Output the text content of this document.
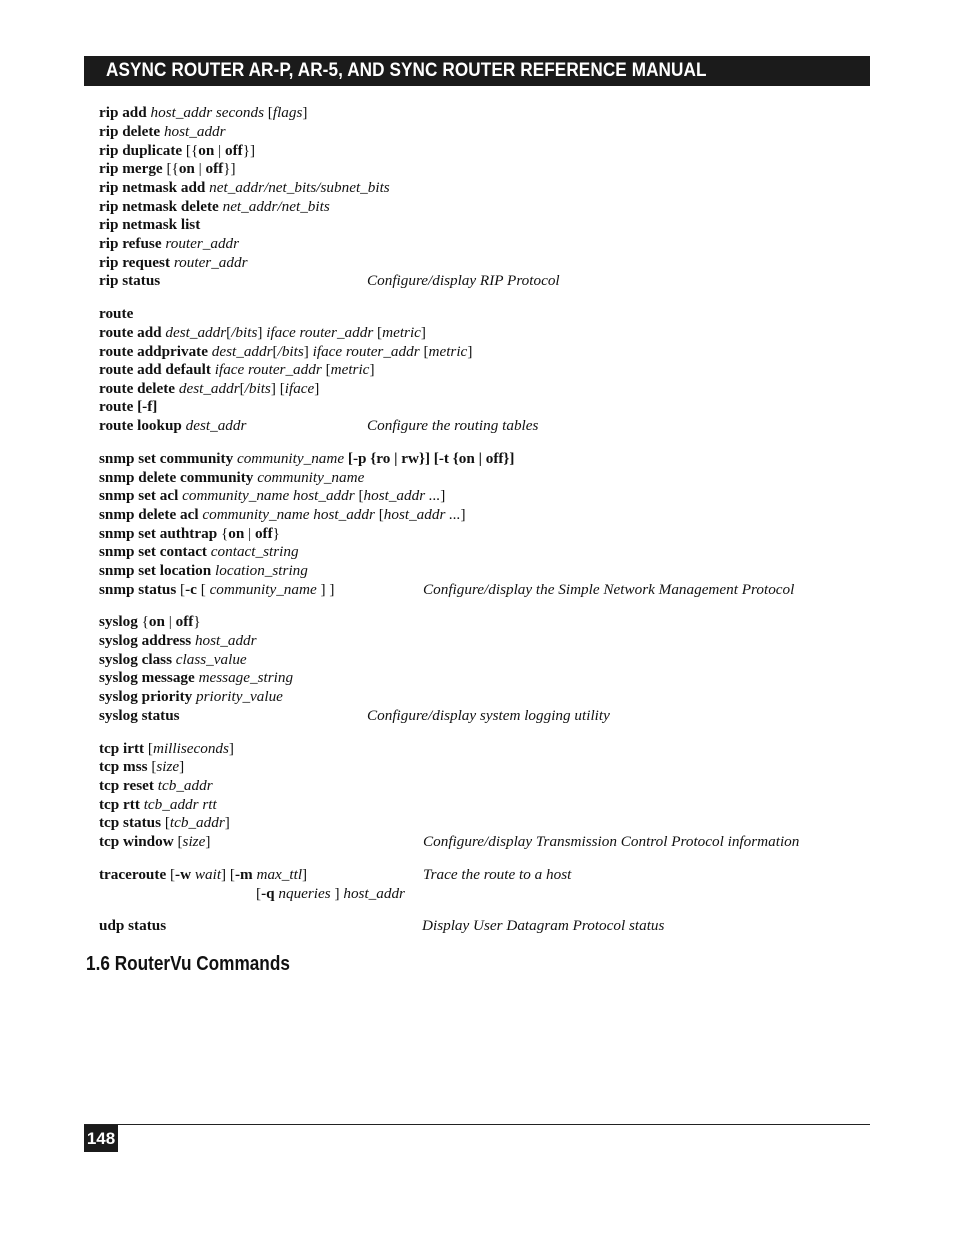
ASYNC ROUTER AR-P, AR-5, AND SYNC ROUTER REFERENCE MANUAL
rip add host_addr seconds [flags]
rip delete host_addr
rip duplicate [{on | off}]
rip merge [{on | off}]
rip netmask add net_addr/net_bits/subnet_bits
rip netmask delete net_addr/net_bits
rip netmask list
rip refuse router_addr
rip request router_addr
rip status
route
route add dest_addr[/bits] iface router_addr [metric]
route addprivate dest_addr[/bits] iface router_addr [metric]
route add default iface router_addr [metric]
route delete dest_addr[/bits] [iface]
route [-f]
route lookup dest_addr
snmp set community community_name [-p {ro | rw}] [-t {on | off}]
snmp delete community community_name
snmp set acl community_name host_addr [host_addr ...]
snmp delete acl community_name host_addr [host_addr ...]
snmp set authtrap {on | off}
snmp set contact contact_string
snmp set location location_string
snmp status [-c [ community_name ] ]
syslog {on | off}
syslog address host_addr
syslog class class_value
syslog message message_string
syslog priority priority_value
syslog status
tcp irtt [milliseconds]
tcp mss [size]
tcp reset tcb_addr
tcp rtt tcb_addr rtt
tcp status [tcb_addr]
tcp window [size]
traceroute [-w wait] [-m max_ttl]
[-q nqueries ] host_addr
udp status
Configure/display RIP Protocol
Configure the routing tables
Configure/display the Simple Network Management Protocol
Configure/display system logging utility
Configure/display Transmission Control Protocol information
Trace the route to a host
Display User Datagram Protocol status
1.6 RouterVu Commands
148
